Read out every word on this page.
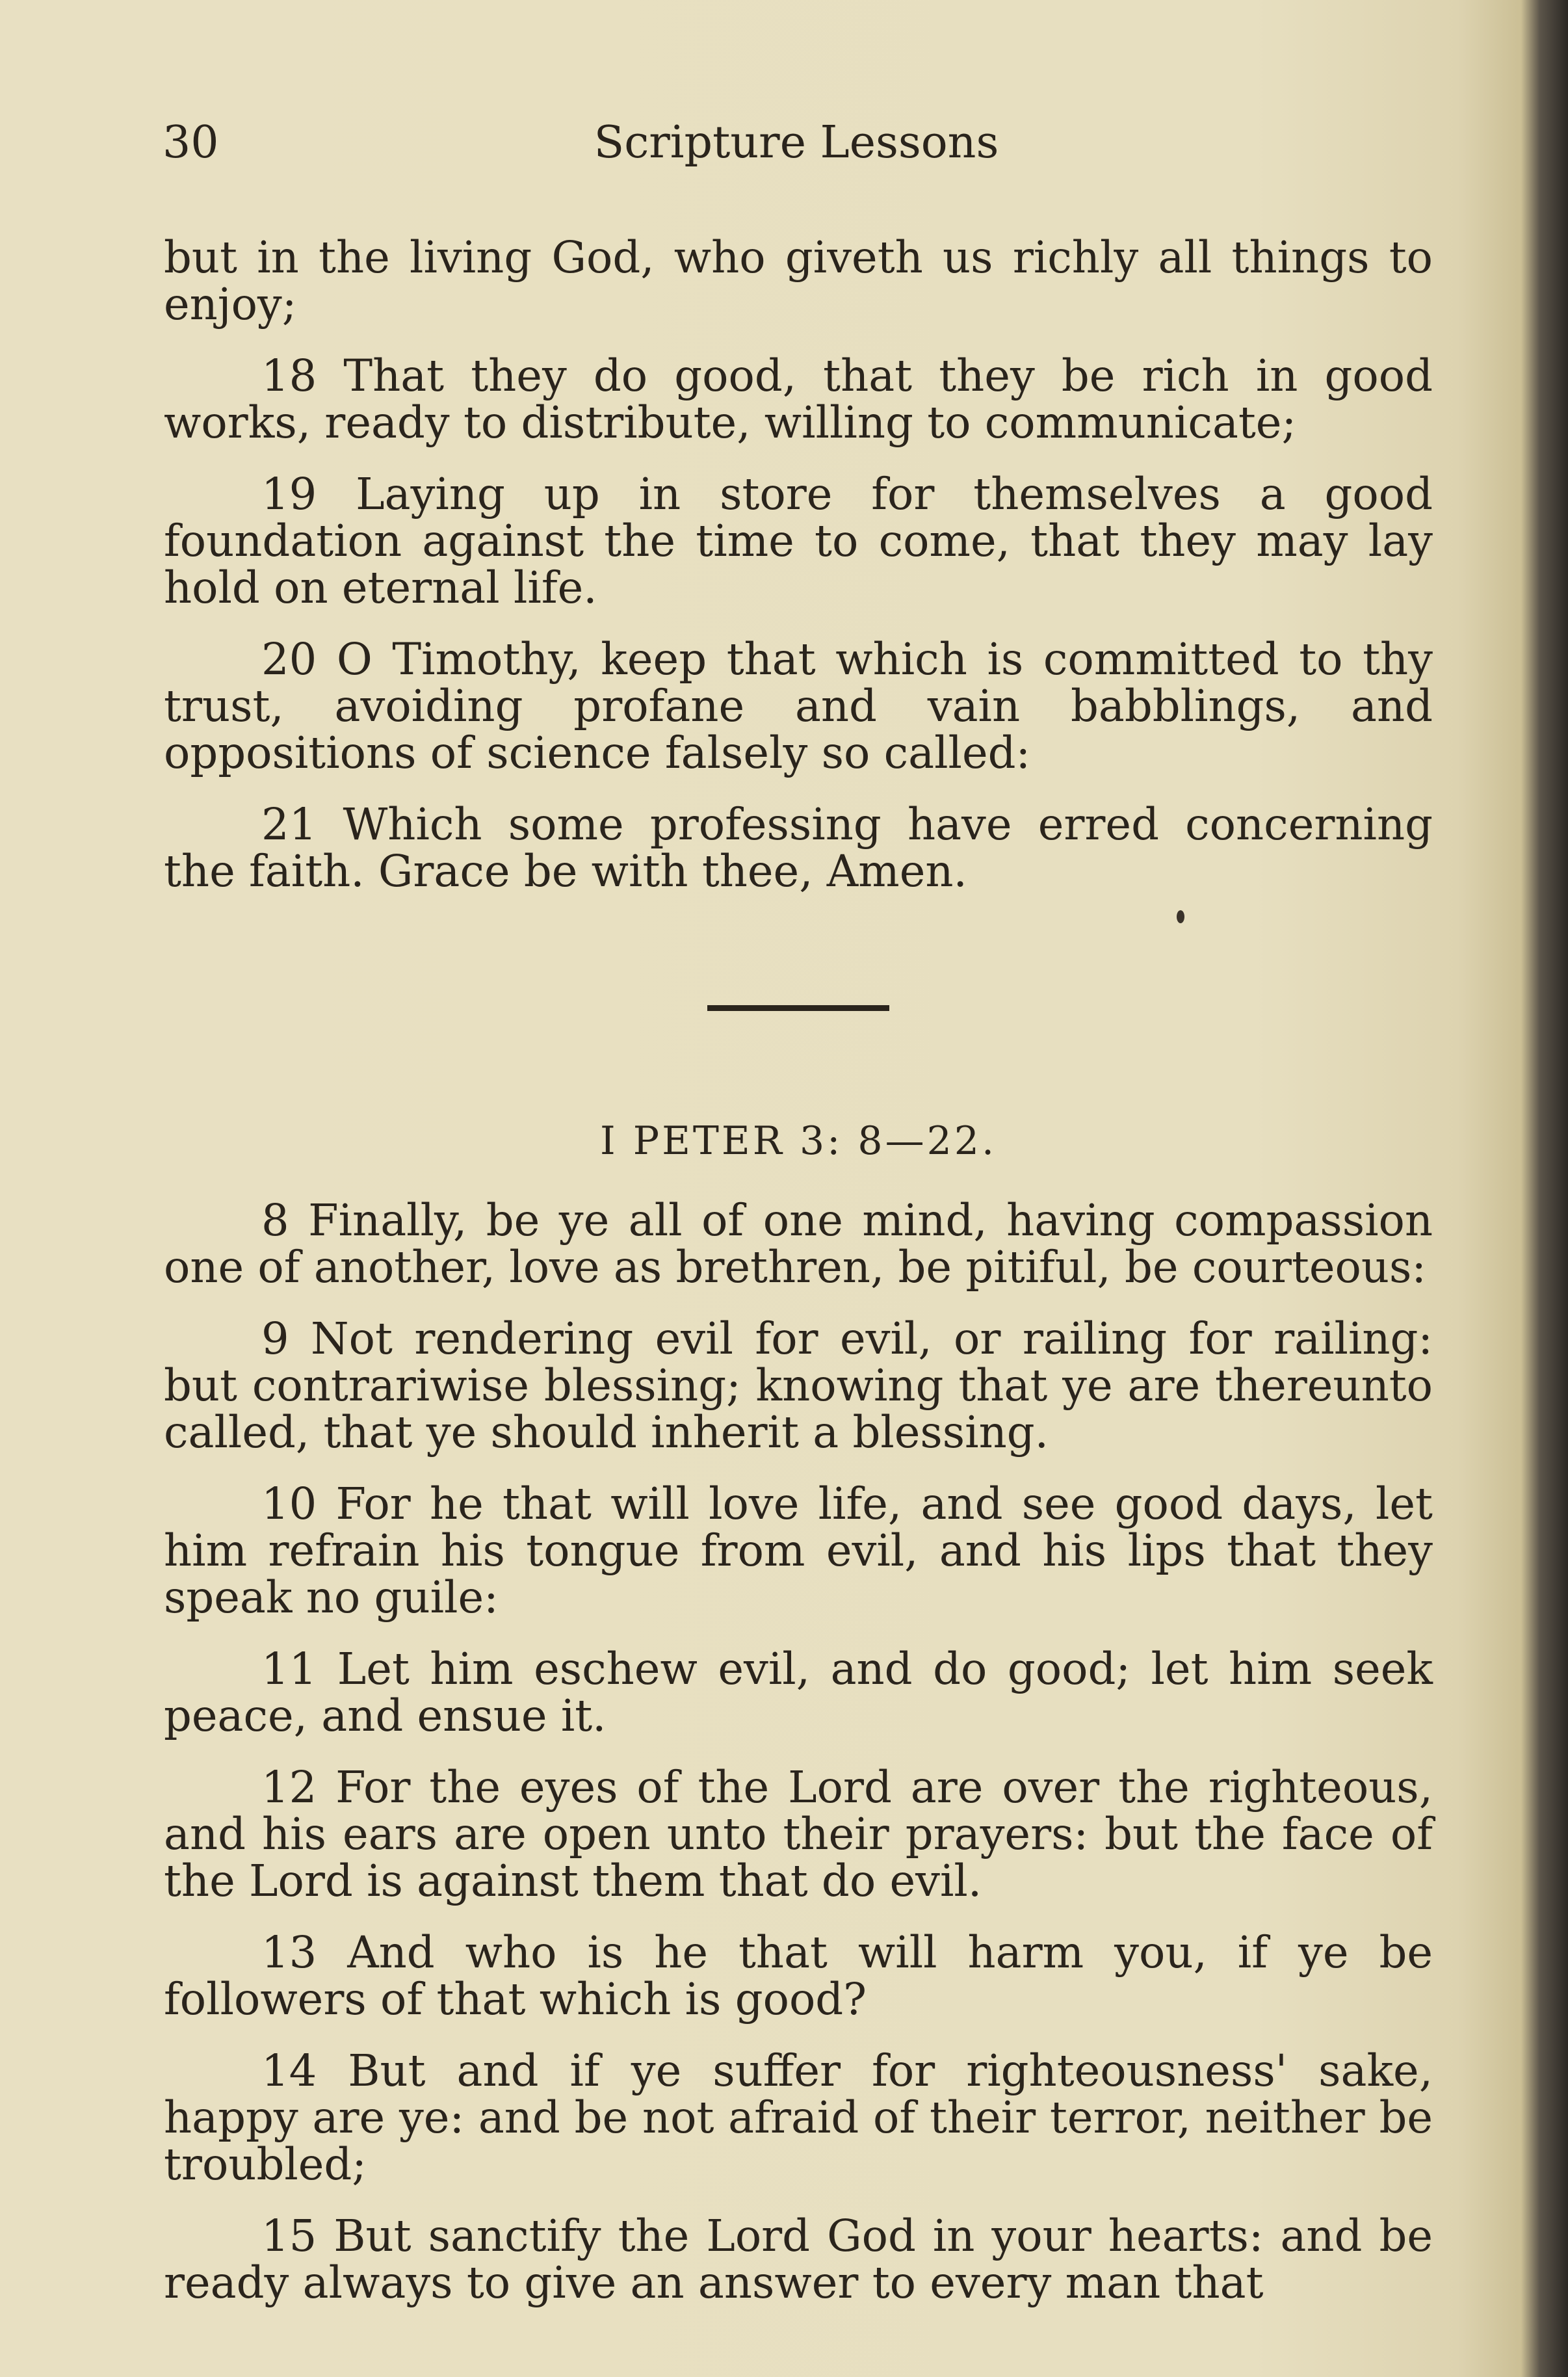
30	Scripture Lessons

but in the living God, who giveth us richly all things to enjoy;

18 That they do good, that they be rich in good works, ready to distribute, willing to communicate;

19 Laying up in store for themselves a good foundation against the time to come, that they may lay hold on eternal life.

20 O Timothy, keep that which is committed to thy trust, avoiding profane and vain babblings, and oppositions of science falsely so called:

21 Which some professing have erred concerning the faith. Grace be with thee, Amen.

I PETER 3: 8—22.

8 Finally, be ye all of one mind, having compassion one of another, love as brethren, be pitiful, be courteous:

9 Not rendering evil for evil, or railing for railing: but contrariwise blessing; knowing that ye are thereunto called, that ye should inherit a blessing.

10 For he that will love life, and see good days, let him refrain his tongue from evil, and his lips that they speak no guile:

11 Let him eschew evil, and do good; let him seek peace, and ensue it.

12 For the eyes of the Lord are over the righteous, and his ears are open unto their prayers: but the face of the Lord is against them that do evil.

13 And who is he that will harm you, if ye be followers of that which is good?

14 But and if ye suffer for righteousness' sake, happy are ye: and be not afraid of their terror, neither be troubled;

15 But sanctify the Lord God in your hearts: and be ready always to give an answer to every man that
